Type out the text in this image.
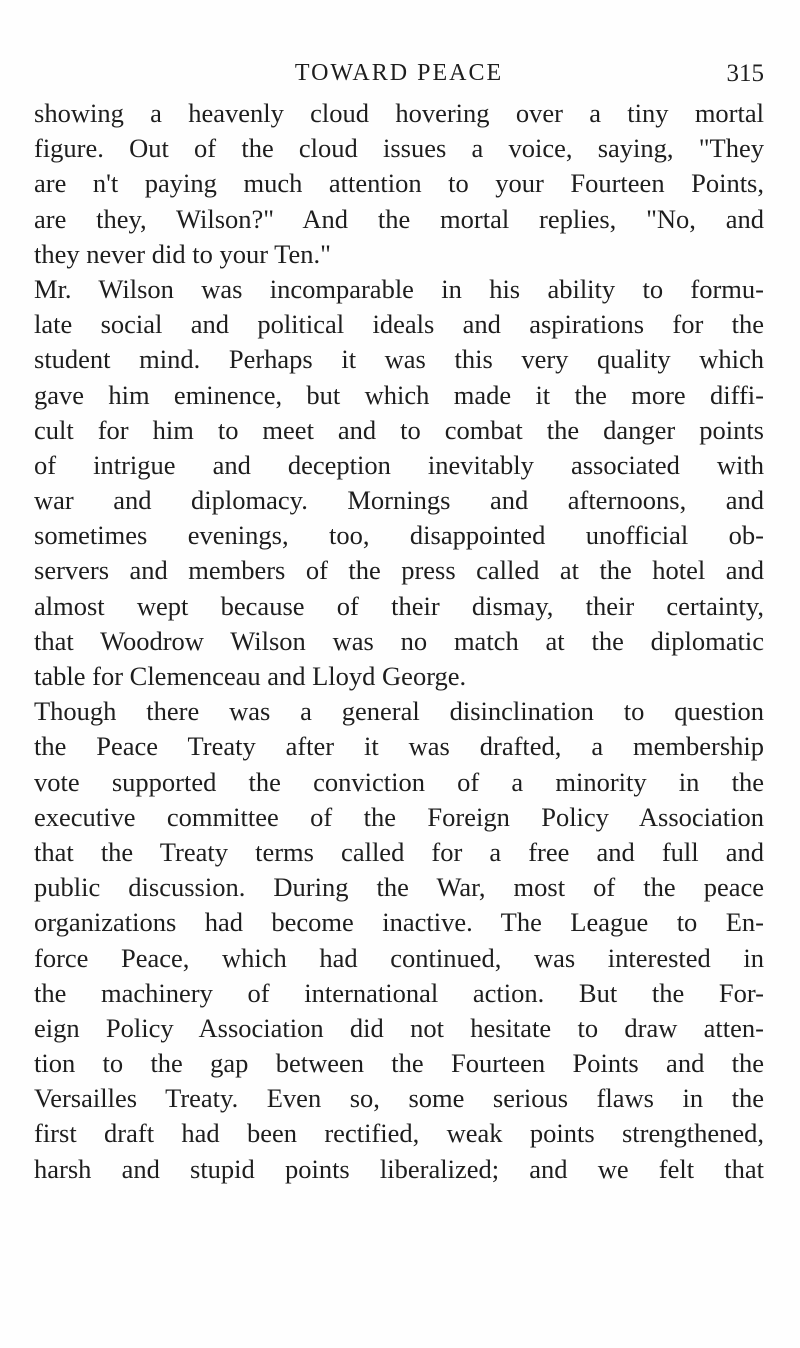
TOWARD PEACE	315
showing a heavenly cloud hovering over a tiny mortal
figure. Out of the cloud issues a voice, saying, "They
are n't paying much attention to your Fourteen Points,
are they, Wilson?" And the mortal replies, "No, and
they never did to your Ten."
Mr. Wilson was incomparable in his ability to formu-
late social and political ideals and aspirations for the
student mind. Perhaps it was this very quality which
gave him eminence, but which made it the more diffi-
cult for him to meet and to combat the danger points
of intrigue and deception inevitably associated with
war and diplomacy. Mornings and afternoons, and
sometimes evenings, too, disappointed unofficial ob-
servers and members of the press called at the hotel and
almost wept because of their dismay, their certainty,
that Woodrow Wilson was no match at the diplomatic
table for Clemenceau and Lloyd George.
Though there was a general disinclination to question
the Peace Treaty after it was drafted, a membership
vote supported the conviction of a minority in the
executive committee of the Foreign Policy Association
that the Treaty terms called for a free and full and
public discussion. During the War, most of the peace
organizations had become inactive. The League to En-
force Peace, which had continued, was interested in
the machinery of international action. But the For-
eign Policy Association did not hesitate to draw atten-
tion to the gap between the Fourteen Points and the
Versailles Treaty. Even so, some serious flaws in the
first draft had been rectified, weak points strengthened,
harsh and stupid points liberalized; and we felt that
